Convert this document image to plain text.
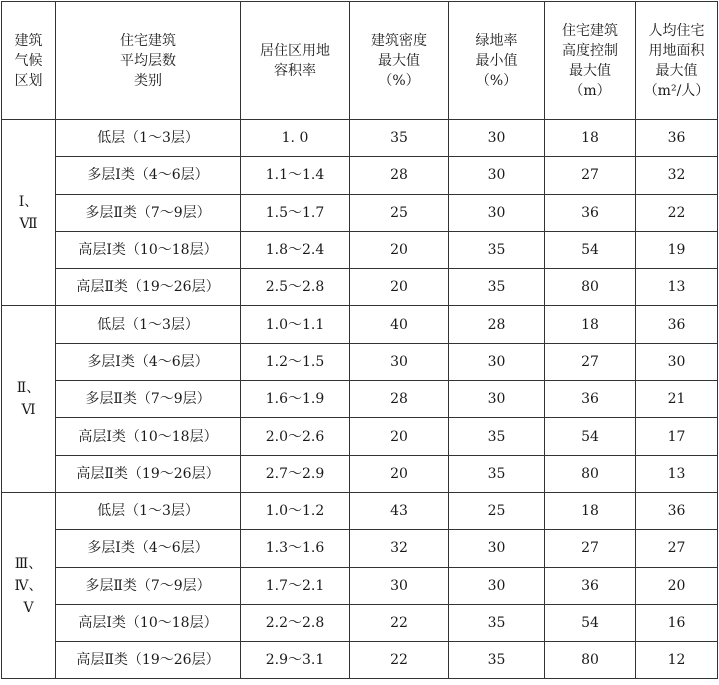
建筑
气候
区划	住宅建筑
平均层数
类别	居住区用地
容积率	建筑密度
最大值
（%）	绿地率
最小值
（%）	住宅建筑
高度控制
最大值
（m）	人均住宅
用地面积
最大值
（m²/人）

Ⅰ、
Ⅶ	低层（1～3层）	1. 0	35	30	18	36
	多层Ⅰ类（4～6层）	1.1～1.4	28	30	27	32
	多层Ⅱ类（7～9层）	1.5～1.7	25	30	36	22
	高层Ⅰ类（10～18层）	1.8～2.4	20	35	54	19
	高层Ⅱ类（19～26层）	2.5～2.8	20	35	80	13

Ⅱ、
Ⅵ	低层（1～3层）	1.0～1.1	40	28	18	36
	多层Ⅰ类（4～6层）	1.2～1.5	30	30	27	30
	多层Ⅱ类（7～9层）	1.6～1.9	28	30	36	21
	高层Ⅰ类（10～18层）	2.0～2.6	20	35	54	17
	高层Ⅱ类（19～26层）	2.7～2.9	20	35	80	13

Ⅲ、
Ⅳ、
Ⅴ	低层（1～3层）	1.0～1.2	43	25	18	36
	多层Ⅰ类（4～6层）	1.3～1.6	32	30	27	27
	多层Ⅱ类（7～9层）	1.7～2.1	30	30	36	20
	高层Ⅰ类（10～18层）	2.2～2.8	22	35	54	16
	高层Ⅱ类（19～26层）	2.9～3.1	22	35	80	12
